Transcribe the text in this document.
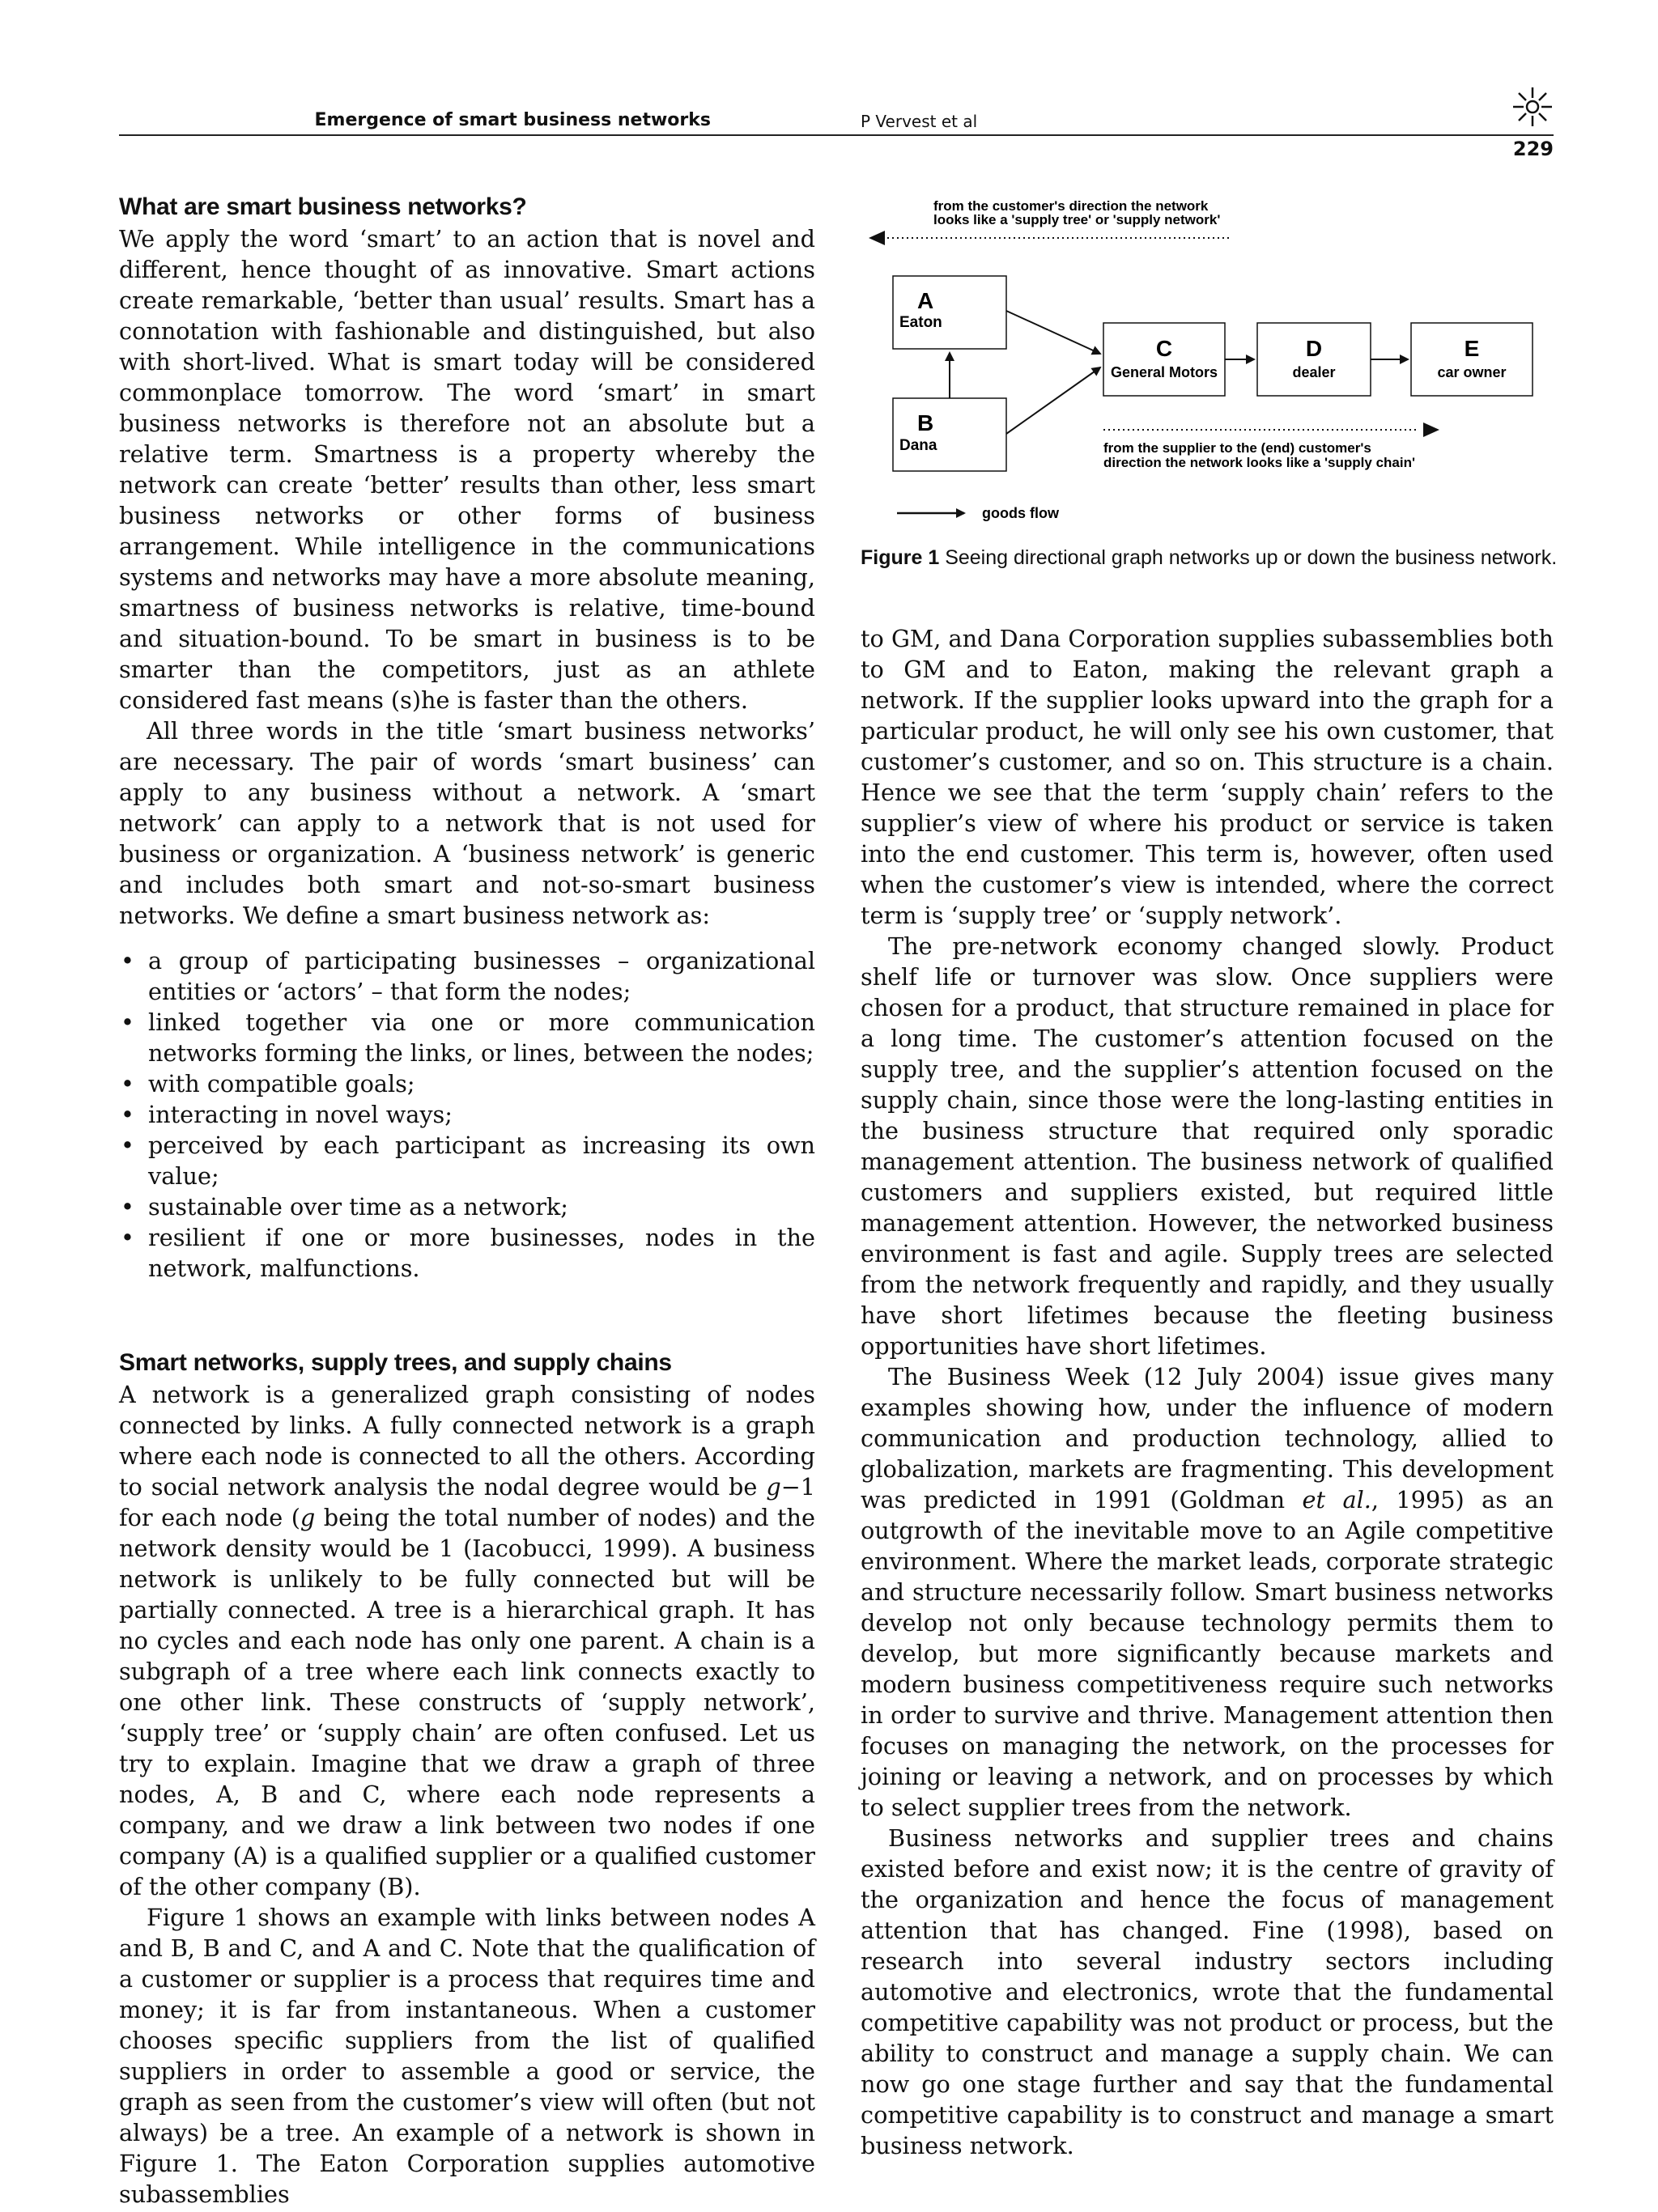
Emergence of smart business networks	P Vervest et al
229
What are smart business networks?

We apply the word ‘smart’ to an action that is novel and different, hence thought of as innovative. Smart actions create remarkable, ‘better than usual’ results. Smart has a connotation with fashionable and distinguished, but also with short-lived. What is smart today will be considered commonplace tomorrow. The word ‘smart’ in smart business networks is therefore not an absolute but a relative term. Smartness is a property whereby the network can create ‘better’ results than other, less smart business networks or other forms of business arrangement. While intelligence in the communications systems and networks may have a more absolute meaning, smartness of business networks is relative, time-bound and situation-bound. To be smart in business is to be smarter than the competitors, just as an athlete considered fast means (s)he is faster than the others.

All three words in the title ‘smart business networks’ are necessary. The pair of words ‘smart business’ can apply to any business without a network. A ‘smart network’ can apply to a network that is not used for business or organization. A ‘business network’ is generic and includes both smart and not-so-smart business networks. We define a smart business network as:

• a group of participating businesses – organizational entities or ‘actors’ – that form the nodes;
• linked together via one or more communication networks forming the links, or lines, between the nodes;
• with compatible goals;
• interacting in novel ways;
• perceived by each participant as increasing its own value;
• sustainable over time as a network;
• resilient if one or more businesses, nodes in the network, malfunctions.
Smart networks, supply trees, and supply chains

A network is a generalized graph consisting of nodes connected by links. A fully connected network is a graph where each node is connected to all the others. According to social network analysis the nodal degree would be g−1 for each node (g being the total number of nodes) and the network density would be 1 (Iacobucci, 1999). A business network is unlikely to be fully connected but will be partially connected. A tree is a hierarchical graph. It has no cycles and each node has only one parent. A chain is a subgraph of a tree where each link connects exactly to one other link. These constructs of ‘supply network’, ‘supply tree’ or ‘supply chain’ are often confused. Let us try to explain. Imagine that we draw a graph of three nodes, A, B and C, where each node represents a company, and we draw a link between two nodes if one company (A) is a qualified supplier or a qualified customer of the other company (B).

Figure 1 shows an example with links between nodes A and B, B and C, and A and C. Note that the qualification of a customer or supplier is a process that requires time and money; it is far from instantaneous. When a customer chooses specific suppliers from the list of qualified suppliers in order to assemble a good or service, the graph as seen from the customer’s view will often (but not always) be a tree. An example of a network is shown in Figure 1. The Eaton Corporation supplies automotive subassemblies

from the customer's direction the network
looks like a 'supply tree' or 'supply network'
A
Eaton
B
Dana
C
General Motors
D
dealer
E
car owner
from the supplier to the (end) customer's
direction the network looks like a 'supply chain'
goods flow
Figure 1 Seeing directional graph networks up or down the business network.

to GM, and Dana Corporation supplies subassemblies both to GM and to Eaton, making the relevant graph a network. If the supplier looks upward into the graph for a particular product, he will only see his own customer, that customer’s customer, and so on. This structure is a chain. Hence we see that the term ‘supply chain’ refers to the supplier’s view of where his product or service is taken into the end customer. This term is, however, often used when the customer’s view is intended, where the correct term is ‘supply tree’ or ‘supply network’.

The pre-network economy changed slowly. Product shelf life or turnover was slow. Once suppliers were chosen for a product, that structure remained in place for a long time. The customer’s attention focused on the supply tree, and the supplier’s attention focused on the supply chain, since those were the long-lasting entities in the business structure that required only sporadic management attention. The business network of qualified customers and suppliers existed, but required little management attention. However, the networked business environment is fast and agile. Supply trees are selected from the network frequently and rapidly, and they usually have short lifetimes because the fleeting business opportunities have short lifetimes.

The Business Week (12 July 2004) issue gives many examples showing how, under the influence of modern communication and production technology, allied to globalization, markets are fragmenting. This development was predicted in 1991 (Goldman et al., 1995) as an outgrowth of the inevitable move to an Agile competitive environment. Where the market leads, corporate strategic and structure necessarily follow. Smart business networks develop not only because technology permits them to develop, but more significantly because markets and modern business competitiveness require such networks in order to survive and thrive. Management attention then focuses on managing the network, on the processes for joining or leaving a network, and on processes by which to select supplier trees from the network.

Business networks and supplier trees and chains existed before and exist now; it is the centre of gravity of the organization and hence the focus of management attention that has changed. Fine (1998), based on research into several industry sectors including automotive and electronics, wrote that the fundamental competitive capability was not product or process, but the ability to construct and manage a supply chain. We can now go one stage further and say that the fundamental competitive capability is to construct and manage a smart business network.
